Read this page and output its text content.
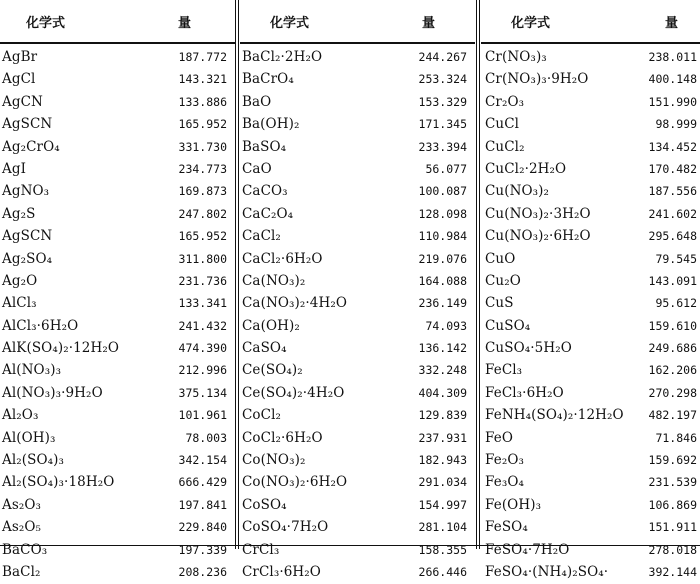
化学式	量
AgBr	187.772
AgCl	143.321
AgCN	133.886
AgSCN	165.952
Ag₂CrO₄	331.730
AgI	234.773
AgNO₃	169.873
Ag₂S	247.802
AgSCN	165.952
Ag₂SO₄	311.800
Ag₂O	231.736
AlCl₃	133.341
AlCl₃·6H₂O	241.432
AlK(SO₄)₂·12H₂O	474.390
Al(NO₃)₃	212.996
Al(NO₃)₃·9H₂O	375.134
Al₂O₃	101.961
Al(OH)₃	78.003
Al₂(SO₄)₃	342.154
Al₂(SO₄)₃·18H₂O	666.429
As₂O₃	197.841
As₂O₅	229.840
BaCO₃	197.339
BaCl₂	208.236
化学式	量
BaCl₂·2H₂O	244.267
BaCrO₄	253.324
BaO	153.329
Ba(OH)₂	171.345
BaSO₄	233.394
CaO	56.077
CaCO₃	100.087
CaC₂O₄	128.098
CaCl₂	110.984
CaCl₂·6H₂O	219.076
Ca(NO₃)₂	164.088
Ca(NO₃)₂·4H₂O	236.149
Ca(OH)₂	74.093
CaSO₄	136.142
Ce(SO₄)₂	332.248
Ce(SO₄)₂·4H₂O	404.309
CoCl₂	129.839
CoCl₂·6H₂O	237.931
Co(NO₃)₂	182.943
Co(NO₃)₂·6H₂O	291.034
CoSO₄	154.997
CoSO₄·7H₂O	281.104
CrCl₃	158.355
CrCl₃·6H₂O	266.446
化学式	量
Cr(NO₃)₃	238.011
Cr(NO₃)₃·9H₂O	400.148
Cr₂O₃	151.990
CuCl	98.999
CuCl₂	134.452
CuCl₂·2H₂O	170.482
Cu(NO₃)₂	187.556
Cu(NO₃)₂·3H₂O	241.602
Cu(NO₃)₂·6H₂O	295.648
CuO	79.545
Cu₂O	143.091
CuS	95.612
CuSO₄	159.610
CuSO₄·5H₂O	249.686
FeCl₃	162.206
FeCl₃·6H₂O	270.298
FeNH₄(SO₄)₂·12H₂O 482.197
FeO	71.846
Fe₂O₃	159.692
Fe₃O₄	231.539
Fe(OH)₃	106.869
FeSO₄	151.911
FeSO₄·7H₂O	278.018
FeSO₄·(NH₄)₂SO₄·	392.144
